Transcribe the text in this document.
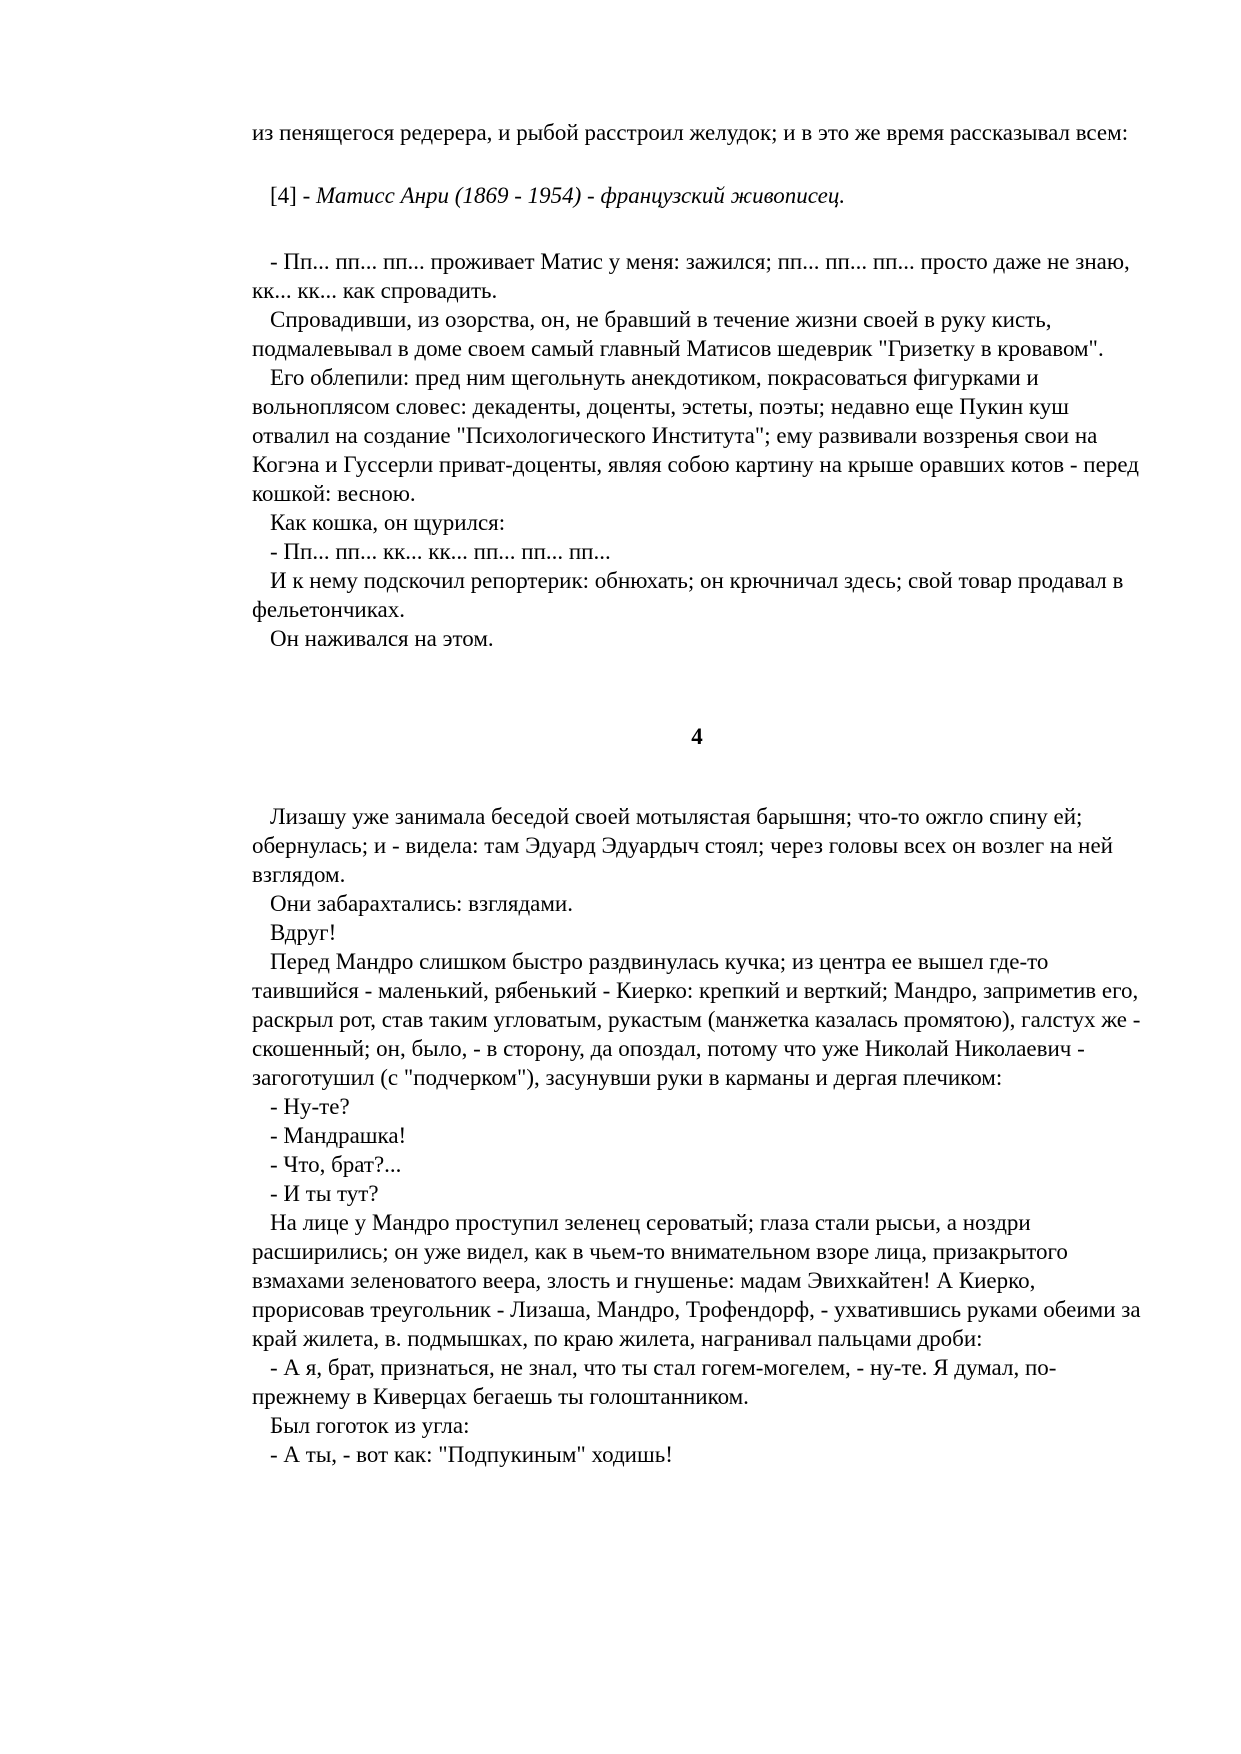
из пенящегося редерера, и рыбой расстроил желудок; и в это же время рассказывал всем:

[4] - Матисс Анри (1869 - 1954) - французский живописец.

- Пп... пп... пп... проживает Матис у меня: зажился; пп... пп... пп... просто даже не знаю, кк... кк... как спровадить.

Спровадивши, из озорства, он, не бравший в течение жизни своей в руку кисть, подмалевывал в доме своем самый главный Матисов шедеврик "Гризетку в кровавом".

Его облепили: пред ним щегольнуть анекдотиком, покрасоваться фигурками и вольноплясом словес: декаденты, доценты, эстеты, поэты; недавно еще Пукин куш отвалил на создание "Психологического Института"; ему развивали воззренья свои на Когэна и Гуссерли приват-доценты, являя собою картину на крыше оравших котов - перед кошкой: весною.

Как кошка, он щурился:

- Пп... пп... кк... кк... пп... пп... пп...

И к нему подскочил репортерик: обнюхать; он крючничал здесь; свой товар продавал в фельетончиках.

Он наживался на этом.

4

Лизашу уже занимала беседой своей мотылястая барышня; что-то ожгло спину ей; обернулась; и - видела: там Эдуард Эдуардыч стоял; через головы всех он возлег на ней взглядом.

Они забарахтались: взглядами.

Вдруг!

Перед Мандро слишком быстро раздвинулась кучка; из центра ее вышел где-то таившийся - маленький, рябенький - Киерко: крепкий и верткий; Мандро, заприметив его, раскрыл рот, став таким угловатым, рукастым (манжетка казалась промятою), галстух же - скошенный; он, было, - в сторону, да опоздал, потому что уже Николай Николаевич - загоготушил (с "подчерком"), засунувши руки в карманы и дергая плечиком:

- Ну-те?

- Мандрашка!

- Что, брат?...

- И ты тут?

На лице у Мандро проступил зеленец сероватый; глаза стали рысьи, а ноздри расширились; он уже видел, как в чьем-то внимательном взоре лица, призакрытого взмахами зеленоватого веера, злость и гнушенье: мадам Эвихкайтен! А Киерко, прорисовав треугольник - Лизаша, Мандро, Трофендорф, - ухватившись руками обеими за край жилета, в. подмышках, по краю жилета, награнивал пальцами дроби:

- А я, брат, признаться, не знал, что ты стал гогем-могелем, - ну-те. Я думал, по-прежнему в Киверцах бегаешь ты голоштанником.

Был гоготок из угла:

- А ты, - вот как: "Подпукиным" ходишь!
